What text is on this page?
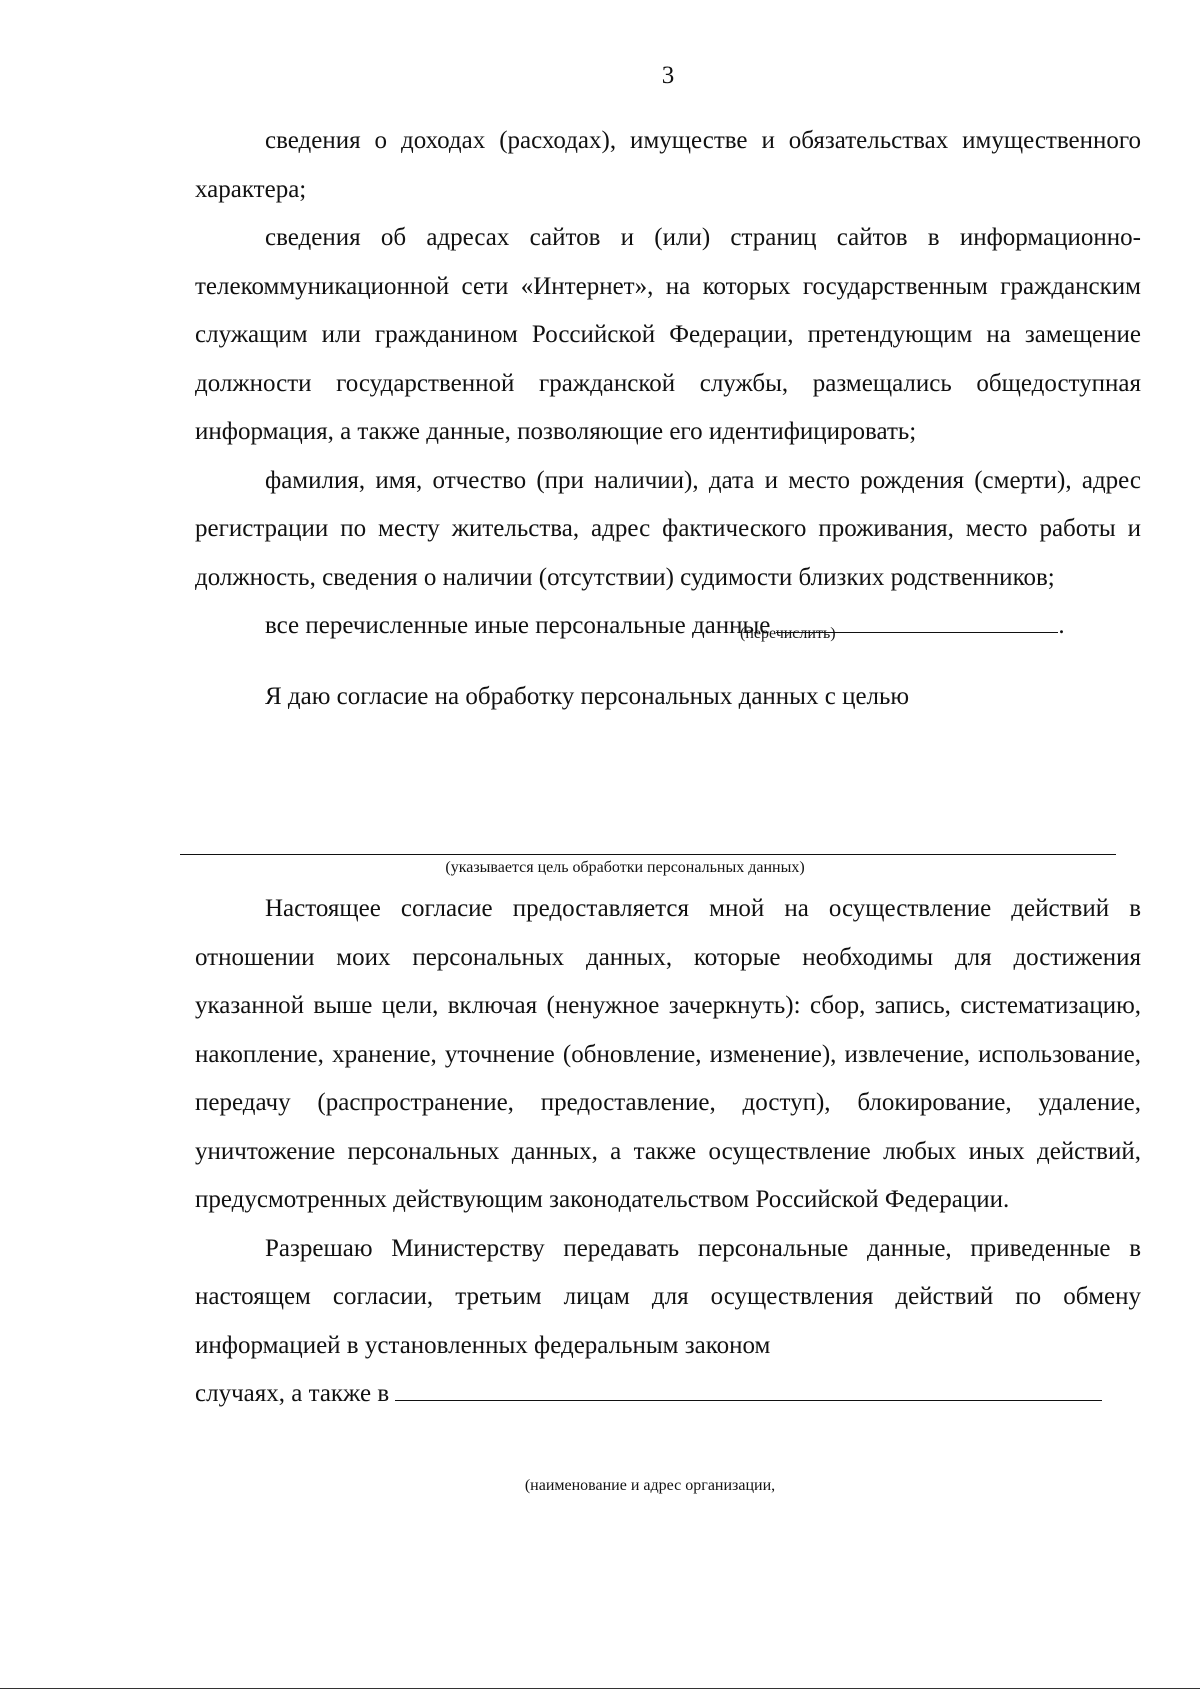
3

сведения о доходах (расходах), имуществе и обязательствах имущественного характера;

сведения об адресах сайтов и (или) страниц сайтов в информационно-телекоммуникационной сети «Интернет», на которых государственным гражданским служащим или гражданином Российской Федерации, претендующим на замещение должности государственной гражданской службы, размещались общедоступная информация, а также данные, позволяющие его идентифицировать;

фамилия, имя, отчество (при наличии), дата и место рождения (смерти), адрес регистрации по месту жительства, адрес фактического проживания, место работы и должность, сведения о наличии (отсутствии) судимости близких родственников;

все перечисленные иные персональные данные	.

Я даю согласие на обработку персональных данных с целью

(перечислить)
(указывается цель обработки персональных данных)

Настоящее согласие предоставляется мной на осуществление действий в отношении моих персональных данных, которые необходимы для достижения указанной выше цели, включая (ненужное зачеркнуть): сбор, запись, систематизацию, накопление, хранение, уточнение (обновление, изменение), извлечение, использование, передачу (распространение, предоставление, доступ), блокирование, удаление, уничтожение персональных данных, а также осуществление любых иных действий, предусмотренных действующим законодательством Российской Федерации.

Разрешаю Министерству передавать персональные данные, приведенные в настоящем согласии, третьим лицам для осуществления действий по обмену информацией в установленных федеральным законом

случаях, а также в

(наименование и адрес организации,
